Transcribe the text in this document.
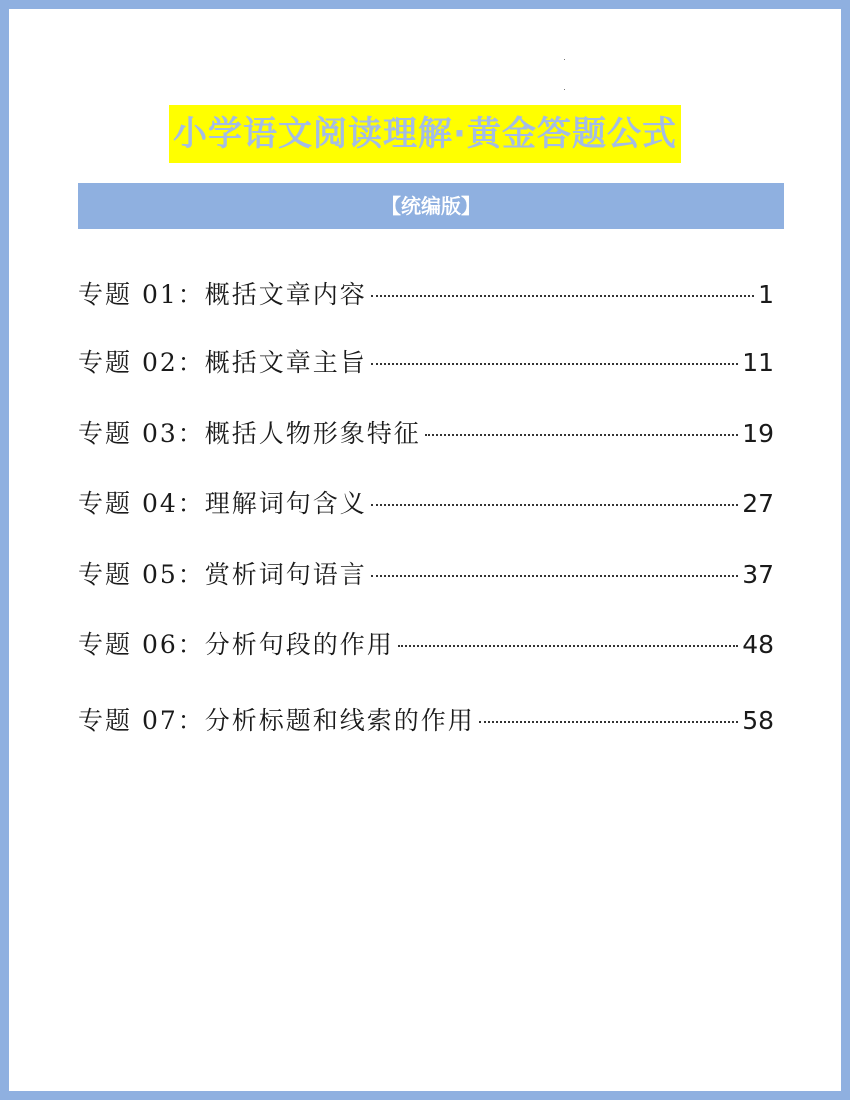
小学语文阅读理解·黄金答题公式
【统编版】
专题 01：概括文章内容	1
专题 02：概括文章主旨	11
专题 03：概括人物形象特征	19
专题 04：理解词句含义	27
专题 05：赏析词句语言	37
专题 06：分析句段的作用	48
专题 07：分析标题和线索的作用	58
